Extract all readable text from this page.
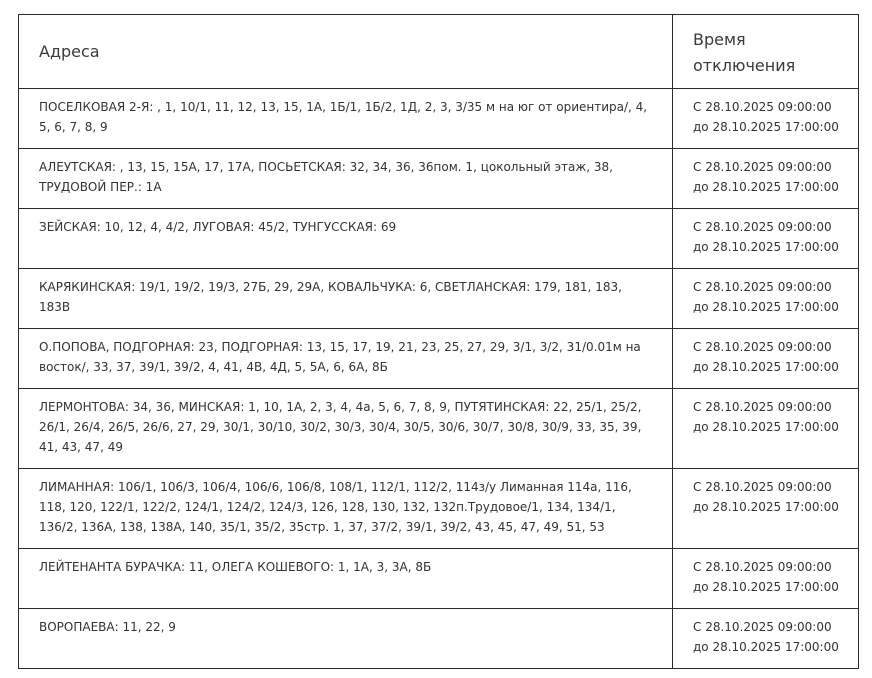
Адреса	Время отключения
ПОСЕЛКОВАЯ 2-Я: , 1, 10/1, 11, 12, 13, 15, 1А, 1Б/1, 1Б/2, 1Д, 2, 3, 3/35 м на юг от ориентира/, 4, 5, 6, 7, 8, 9	С 28.10.2025 09:00:00
до 28.10.2025 17:00:00

АЛЕУТСКАЯ: , 13, 15, 15А, 17, 17А, ПОСЬЕТСКАЯ: 32, 34, 36, 36пом. 1, цокольный этаж, 38, ТРУДОВОЙ ПЕР.: 1А	С 28.10.2025 09:00:00
до 28.10.2025 17:00:00

ЗЕЙСКАЯ: 10, 12, 4, 4/2, ЛУГОВАЯ: 45/2, ТУНГУССКАЯ: 69	С 28.10.2025 09:00:00
до 28.10.2025 17:00:00

КАРЯКИНСКАЯ: 19/1, 19/2, 19/3, 27Б, 29, 29А, КОВАЛЬЧУКА: 6, СВЕТЛАНСКАЯ: 179, 181, 183, 183В	С 28.10.2025 09:00:00
до 28.10.2025 17:00:00

О.ПОПОВА, ПОДГОРНАЯ: 23, ПОДГОРНАЯ: 13, 15, 17, 19, 21, 23, 25, 27, 29, 3/1, 3/2, 31/0.01м на восток/, 33, 37, 39/1, 39/2, 4, 41, 4В, 4Д, 5, 5А, 6, 6А, 8Б	С 28.10.2025 09:00:00
до 28.10.2025 17:00:00

ЛЕРМОНТОВА: 34, 36, МИНСКАЯ: 1, 10, 1А, 2, 3, 4, 4а, 5, 6, 7, 8, 9, ПУТЯТИНСКАЯ: 22, 25/1, 25/2, 26/1, 26/4, 26/5, 26/6, 27, 29, 30/1, 30/10, 30/2, 30/3, 30/4, 30/5, 30/6, 30/7, 30/8, 30/9, 33, 35, 39, 41, 43, 47, 49	С 28.10.2025 09:00:00
до 28.10.2025 17:00:00

ЛИМАННАЯ: 106/1, 106/3, 106/4, 106/6, 106/8, 108/1, 112/1, 112/2, 114з/у Лиманная 114а, 116, 118, 120, 122/1, 122/2, 124/1, 124/2, 124/3, 126, 128, 130, 132, 132п.Трудовое/1, 134, 134/1, 136/2, 136А, 138, 138А, 140, 35/1, 35/2, 35стр. 1, 37, 37/2, 39/1, 39/2, 43, 45, 47, 49, 51, 53	С 28.10.2025 09:00:00
до 28.10.2025 17:00:00

ЛЕЙТЕНАНТА БУРАЧКА: 11, ОЛЕГА КОШЕВОГО: 1, 1А, 3, 3А, 8Б	С 28.10.2025 09:00:00
до 28.10.2025 17:00:00

ВОРОПАЕВА: 11, 22, 9	С 28.10.2025 09:00:00
до 28.10.2025 17:00:00
